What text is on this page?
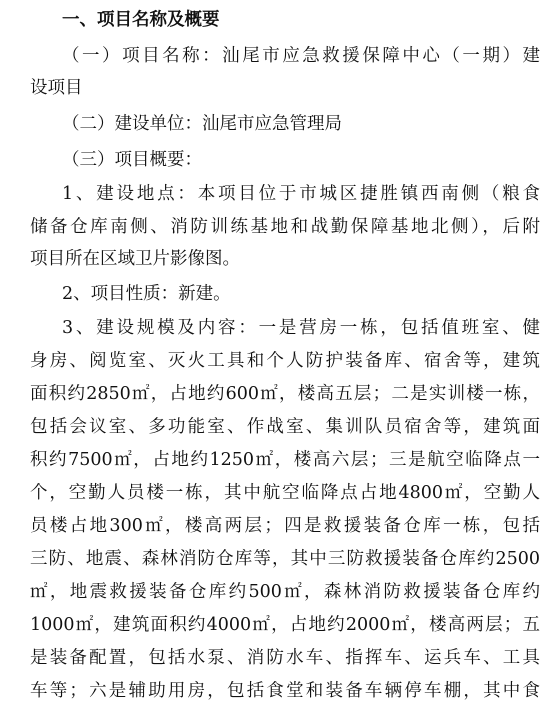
一、项目名称及概要
（一）项目名称：汕尾市应急救援保障中心（一期）建
设项目
（二）建设单位：汕尾市应急管理局
（三）项目概要：
1、建设地点：本项目位于市城区捷胜镇西南侧（粮食
储备仓库南侧、消防训练基地和战勤保障基地北侧），后附
项目所在区域卫片影像图。
2、项目性质：新建。
3、建设规模及内容：一是营房一栋，包括值班室、健
身房、阅览室、灭火工具和个人防护装备库、宿舍等，建筑
面积约2850㎡，占地约600㎡，楼高五层；二是实训楼一栋，
包括会议室、多功能室、作战室、集训队员宿舍等，建筑面
积约7500㎡，占地约1250㎡，楼高六层；三是航空临降点一
个，空勤人员楼一栋，其中航空临降点占地4800㎡，空勤人
员楼占地300㎡，楼高两层；四是救援装备仓库一栋，包括
三防、地震、森林消防仓库等，其中三防救援装备仓库约2500
㎡，地震救援装备仓库约500㎡，森林消防救援装备仓库约
1000㎡，建筑面积约4000㎡，占地约2000㎡，楼高两层；五
是装备配置，包括水泵、消防水车、指挥车、运兵车、工具
车等；六是辅助用房，包括食堂和装备车辆停车棚，其中食
